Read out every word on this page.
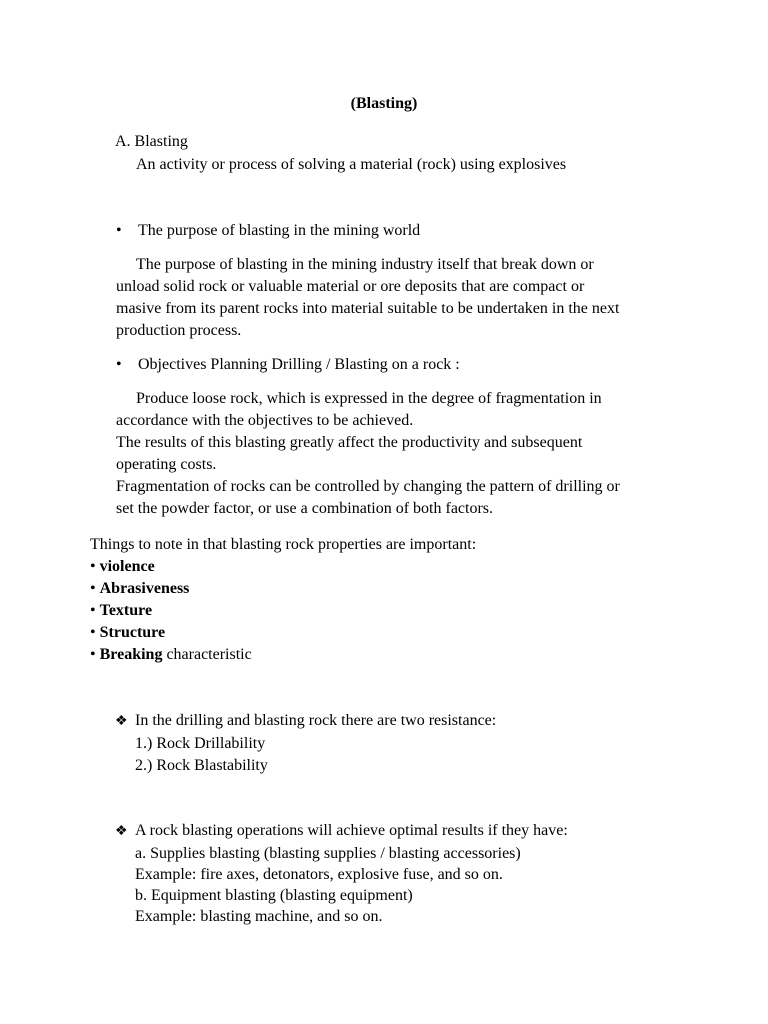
(Blasting)
A. Blasting
An activity or process of solving a material (rock) using explosives
• The purpose of blasting in the mining world
The purpose of blasting in the mining industry itself that break down or
unload solid rock or valuable material or ore deposits that are compact or
masive from its parent rocks into material suitable to be undertaken in the next
production process.
• Objectives Planning Drilling / Blasting on a rock :
Produce loose rock, which is expressed in the degree of fragmentation in
accordance with the objectives to be achieved.
The results of this blasting greatly affect the productivity and subsequent
operating costs.
Fragmentation of rocks can be controlled by changing the pattern of drilling or
set the powder factor, or use a combination of both factors.
Things to note in that blasting rock properties are important:
• violence
• Abrasiveness
• Texture
• Structure
• Breaking characteristic
❖ In the drilling and blasting rock there are two resistance:
1.) Rock Drillability
2.) Rock Blastability
❖ A rock blasting operations will achieve optimal results if they have:
a. Supplies blasting (blasting supplies / blasting accessories)
Example: fire axes, detonators, explosive fuse, and so on.
b. Equipment blasting (blasting equipment)
Example: blasting machine, and so on.
